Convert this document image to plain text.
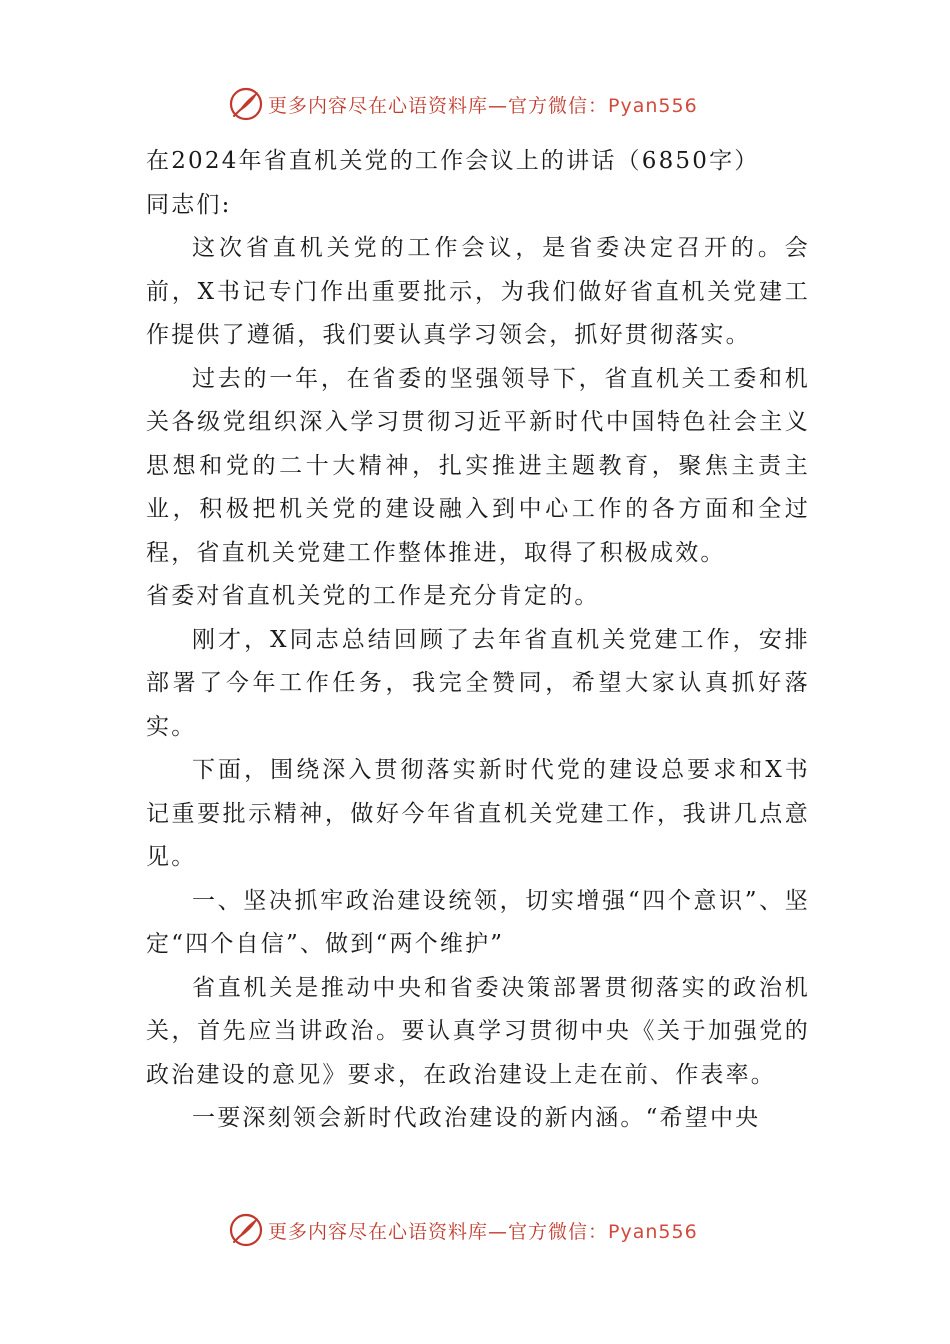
更多内容尽在心语资料库—官方微信：Pyan556

在2024年省直机关党的工作会议上的讲话（6850字）

同志们:

这次省直机关党的工作会议，是省委决定召开的。会前，X书记专门作出重要批示，为我们做好省直机关党建工作提供了遵循，我们要认真学习领会，抓好贯彻落实。

过去的一年，在省委的坚强领导下，省直机关工委和机关各级党组织深入学习贯彻习近平新时代中国特色社会主义思想和党的二十大精神，扎实推进主题教育，聚焦主责主业，积极把机关党的建设融入到中心工作的各方面和全过程，省直机关党建工作整体推进，取得了积极成效。

省委对省直机关党的工作是充分肯定的。

刚才，X同志总结回顾了去年省直机关党建工作，安排部署了今年工作任务，我完全赞同，希望大家认真抓好落实。

下面，围绕深入贯彻落实新时代党的建设总要求和X书记重要批示精神，做好今年省直机关党建工作，我讲几点意见。

一、坚决抓牢政治建设统领，切实增强“四个意识”、坚定“四个自信”、做到“两个维护”

省直机关是推动中央和省委决策部署贯彻落实的政治机关，首先应当讲政治。要认真学习贯彻中央《关于加强党的政治建设的意见》要求，在政治建设上走在前、作表率。

一要深刻领会新时代政治建设的新内涵。“希望中央

更多内容尽在心语资料库—官方微信：Pyan556
